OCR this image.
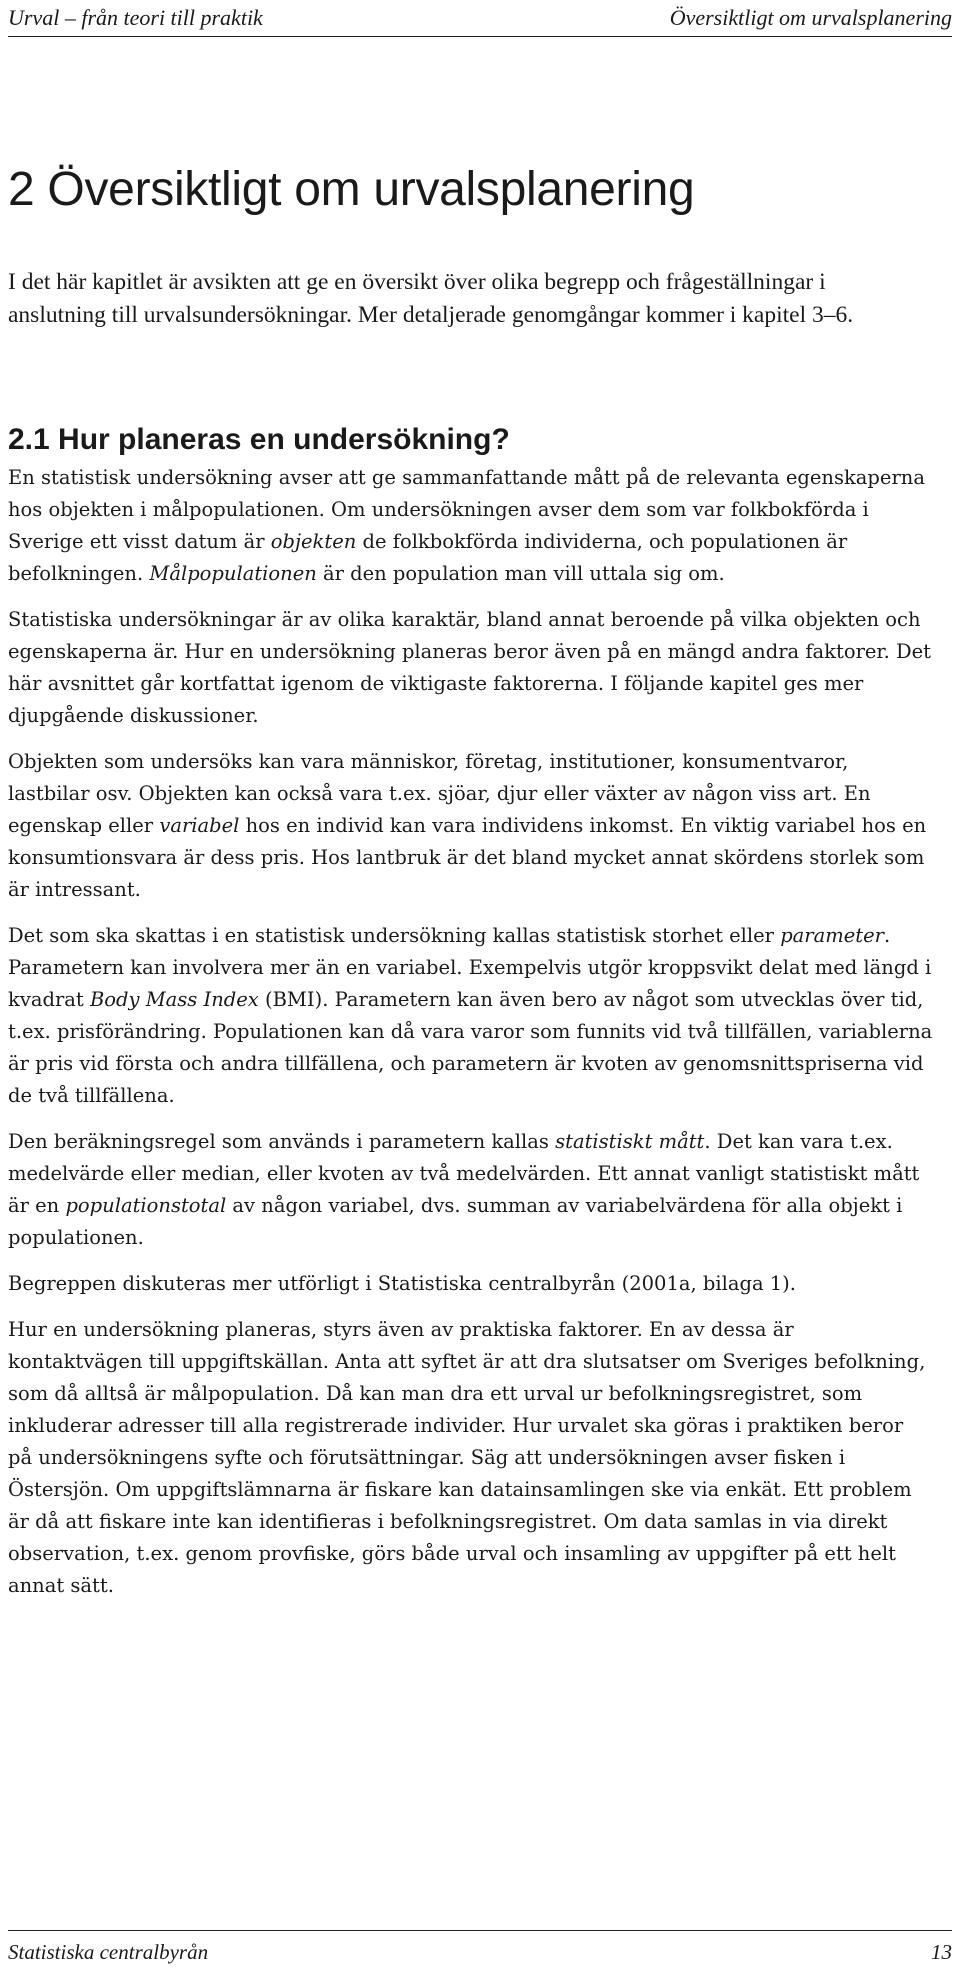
Urval – från teori till praktik	Översiktligt om urvalsplanering
2 Översiktligt om urvalsplanering

I det här kapitlet är avsikten att ge en översikt över olika begrepp och frågeställningar i anslutning till urvalsundersökningar. Mer detaljerade genomgångar kommer i kapitel 3–6.

2.1 Hur planeras en undersökning?

En statistisk undersökning avser att ge sammanfattande mått på de relevanta egenskaperna hos objekten i målpopulationen. Om undersökningen avser dem som var folkbokförda i Sverige ett visst datum är objekten de folkbokförda individerna, och populationen är befolkningen. Målpopulationen är den population man vill uttala sig om.

Statistiska undersökningar är av olika karaktär, bland annat beroende på vilka objekten och egenskaperna är. Hur en undersökning planeras beror även på en mängd andra faktorer. Det här avsnittet går kortfattat igenom de viktigaste faktorerna. I följande kapitel ges mer djupgående diskussioner.

Objekten som undersöks kan vara människor, företag, institutioner, konsumentvaror, lastbilar osv. Objekten kan också vara t.ex. sjöar, djur eller växter av någon viss art. En egenskap eller variabel hos en individ kan vara individens inkomst. En viktig variabel hos en konsumtionsvara är dess pris. Hos lantbruk är det bland mycket annat skördens storlek som är intressant.

Det som ska skattas i en statistisk undersökning kallas statistisk storhet eller parameter. Parametern kan involvera mer än en variabel. Exempelvis utgör kroppsvikt delat med längd i kvadrat Body Mass Index (BMI). Parametern kan även bero av något som utvecklas över tid, t.ex. prisförändring. Populationen kan då vara varor som funnits vid två tillfällen, variablerna är pris vid första och andra tillfällena, och parametern är kvoten av genomsnittspriserna vid de två tillfällena.

Den beräkningsregel som används i parametern kallas statistiskt mått. Det kan vara t.ex. medelvärde eller median, eller kvoten av två medelvärden. Ett annat vanligt statistiskt mått är en populationstotal av någon variabel, dvs. summan av variabelvärdena för alla objekt i populationen.

Begreppen diskuteras mer utförligt i Statistiska centralbyrån (2001a, bilaga 1).

Hur en undersökning planeras, styrs även av praktiska faktorer. En av dessa är kontaktvägen till uppgiftskällan. Anta att syftet är att dra slutsatser om Sveriges befolkning, som då alltså är målpopulation. Då kan man dra ett urval ur befolkningsregistret, som inkluderar adresser till alla registrerade individer. Hur urvalet ska göras i praktiken beror på undersökningens syfte och förutsättningar. Säg att undersökningen avser fisken i Östersjön. Om uppgiftslämnarna är fiskare kan datainsamlingen ske via enkät. Ett problem är då att fiskare inte kan identifieras i befolkningsregistret. Om data samlas in via direkt observation, t.ex. genom provfiske, görs både urval och insamling av uppgifter på ett helt annat sätt.

Statistiska centralbyrån	13
